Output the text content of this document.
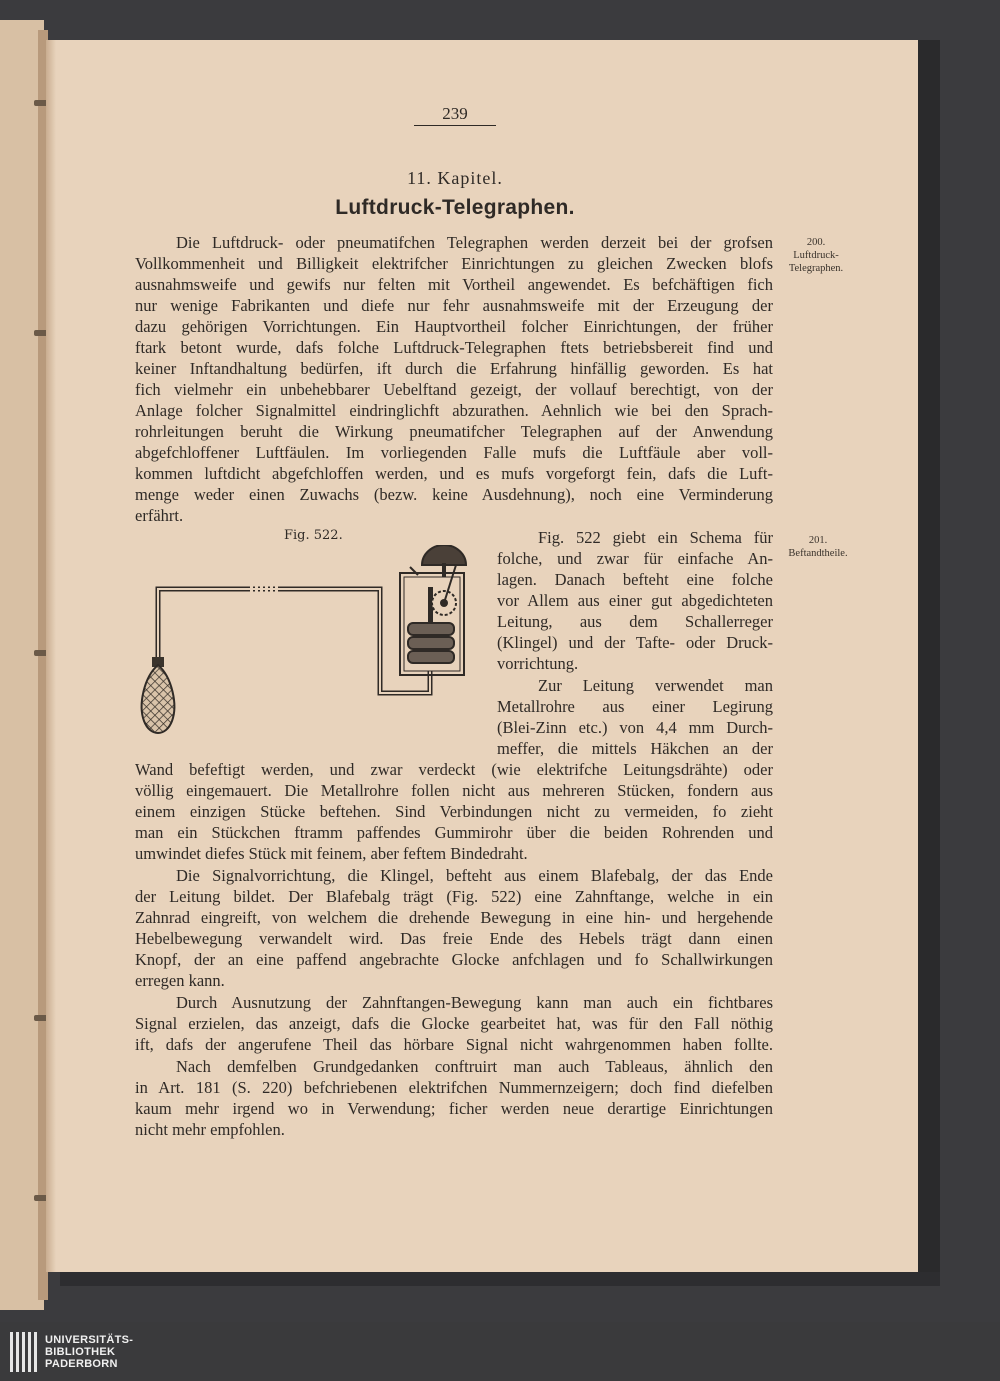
239
11. Kapitel.
Luftdruck-Telegraphen.
200.
Luftdruck-
Telegraphen.
201.
Beftandtheile.
Die Luftdruck- oder pneumatifchen Telegraphen werden derzeit bei der grofsen
Vollkommenheit und Billigkeit elektrifcher Einrichtungen zu gleichen Zwecken blofs
ausnahmsweife und gewifs nur felten mit Vortheil angewendet. Es befchäftigen fich
nur wenige Fabrikanten und diefe nur fehr ausnahmsweife mit der Erzeugung der
dazu gehörigen Vorrichtungen. Ein Hauptvortheil folcher Einrichtungen, der früher
ftark betont wurde, dafs folche Luftdruck-Telegraphen ftets betriebsbereit find und
keiner Inftandhaltung bedürfen, ift durch die Erfahrung hinfällig geworden. Es hat
fich vielmehr ein unbehebbarer Uebelftand gezeigt, der vollauf berechtigt, von der
Anlage folcher Signalmittel eindringlichft abzurathen. Aehnlich wie bei den Sprach-
rohrleitungen beruht die Wirkung pneumatifcher Telegraphen auf der Anwendung
abgefchloffener Luftfäulen. Im vorliegenden Falle mufs die Luftfäule aber voll-
kommen luftdicht abgefchloffen werden, und es mufs vorgeforgt fein, dafs die Luft-
menge weder einen Zuwachs (bezw. keine Ausdehnung), noch eine Verminderung
erfährt.
Fig. 522 giebt ein Schema für
folche, und zwar für einfache An-
lagen. Danach befteht eine folche
vor Allem aus einer gut abgedichteten
Leitung, aus dem Schallerreger
(Klingel) und der Tafte- oder Druck-
vorrichtung.
Zur Leitung verwendet man
Metallrohre aus einer Legirung
(Blei-Zinn etc.) von 4,4 mm Durch-
meffer, die mittels Häkchen an der
Wand befeftigt werden, und zwar verdeckt (wie elektrifche Leitungsdrähte) oder
völlig eingemauert. Die Metallrohre follen nicht aus mehreren Stücken, fondern aus
einem einzigen Stücke beftehen. Sind Verbindungen nicht zu vermeiden, fo zieht
man ein Stückchen ftramm paffendes Gummirohr über die beiden Rohrenden und
umwindet diefes Stück mit feinem, aber feftem Bindedraht.
Die Signalvorrichtung, die Klingel, befteht aus einem Blafebalg, der das Ende
der Leitung bildet. Der Blafebalg trägt (Fig. 522) eine Zahnftange, welche in ein
Zahnrad eingreift, von welchem die drehende Bewegung in eine hin- und hergehende
Hebelbewegung verwandelt wird. Das freie Ende des Hebels trägt dann einen
Knopf, der an eine paffend angebrachte Glocke anfchlagen und fo Schallwirkungen
erregen kann.
Durch Ausnutzung der Zahnftangen-Bewegung kann man auch ein fichtbares
Signal erzielen, das anzeigt, dafs die Glocke gearbeitet hat, was für den Fall nöthig
ift, dafs der angerufene Theil das hörbare Signal nicht wahrgenommen haben follte.
Nach demfelben Grundgedanken conftruirt man auch Tableaus, ähnlich den
in Art. 181 (S. 220) befchriebenen elektrifchen Nummernzeigern; doch find diefelben
kaum mehr irgend wo in Verwendung; ficher werden neue derartige Einrichtungen
nicht mehr empfohlen.
Fig. 522.
UNIVERSITÄTS-
BIBLIOTHEK
PADERBORN
